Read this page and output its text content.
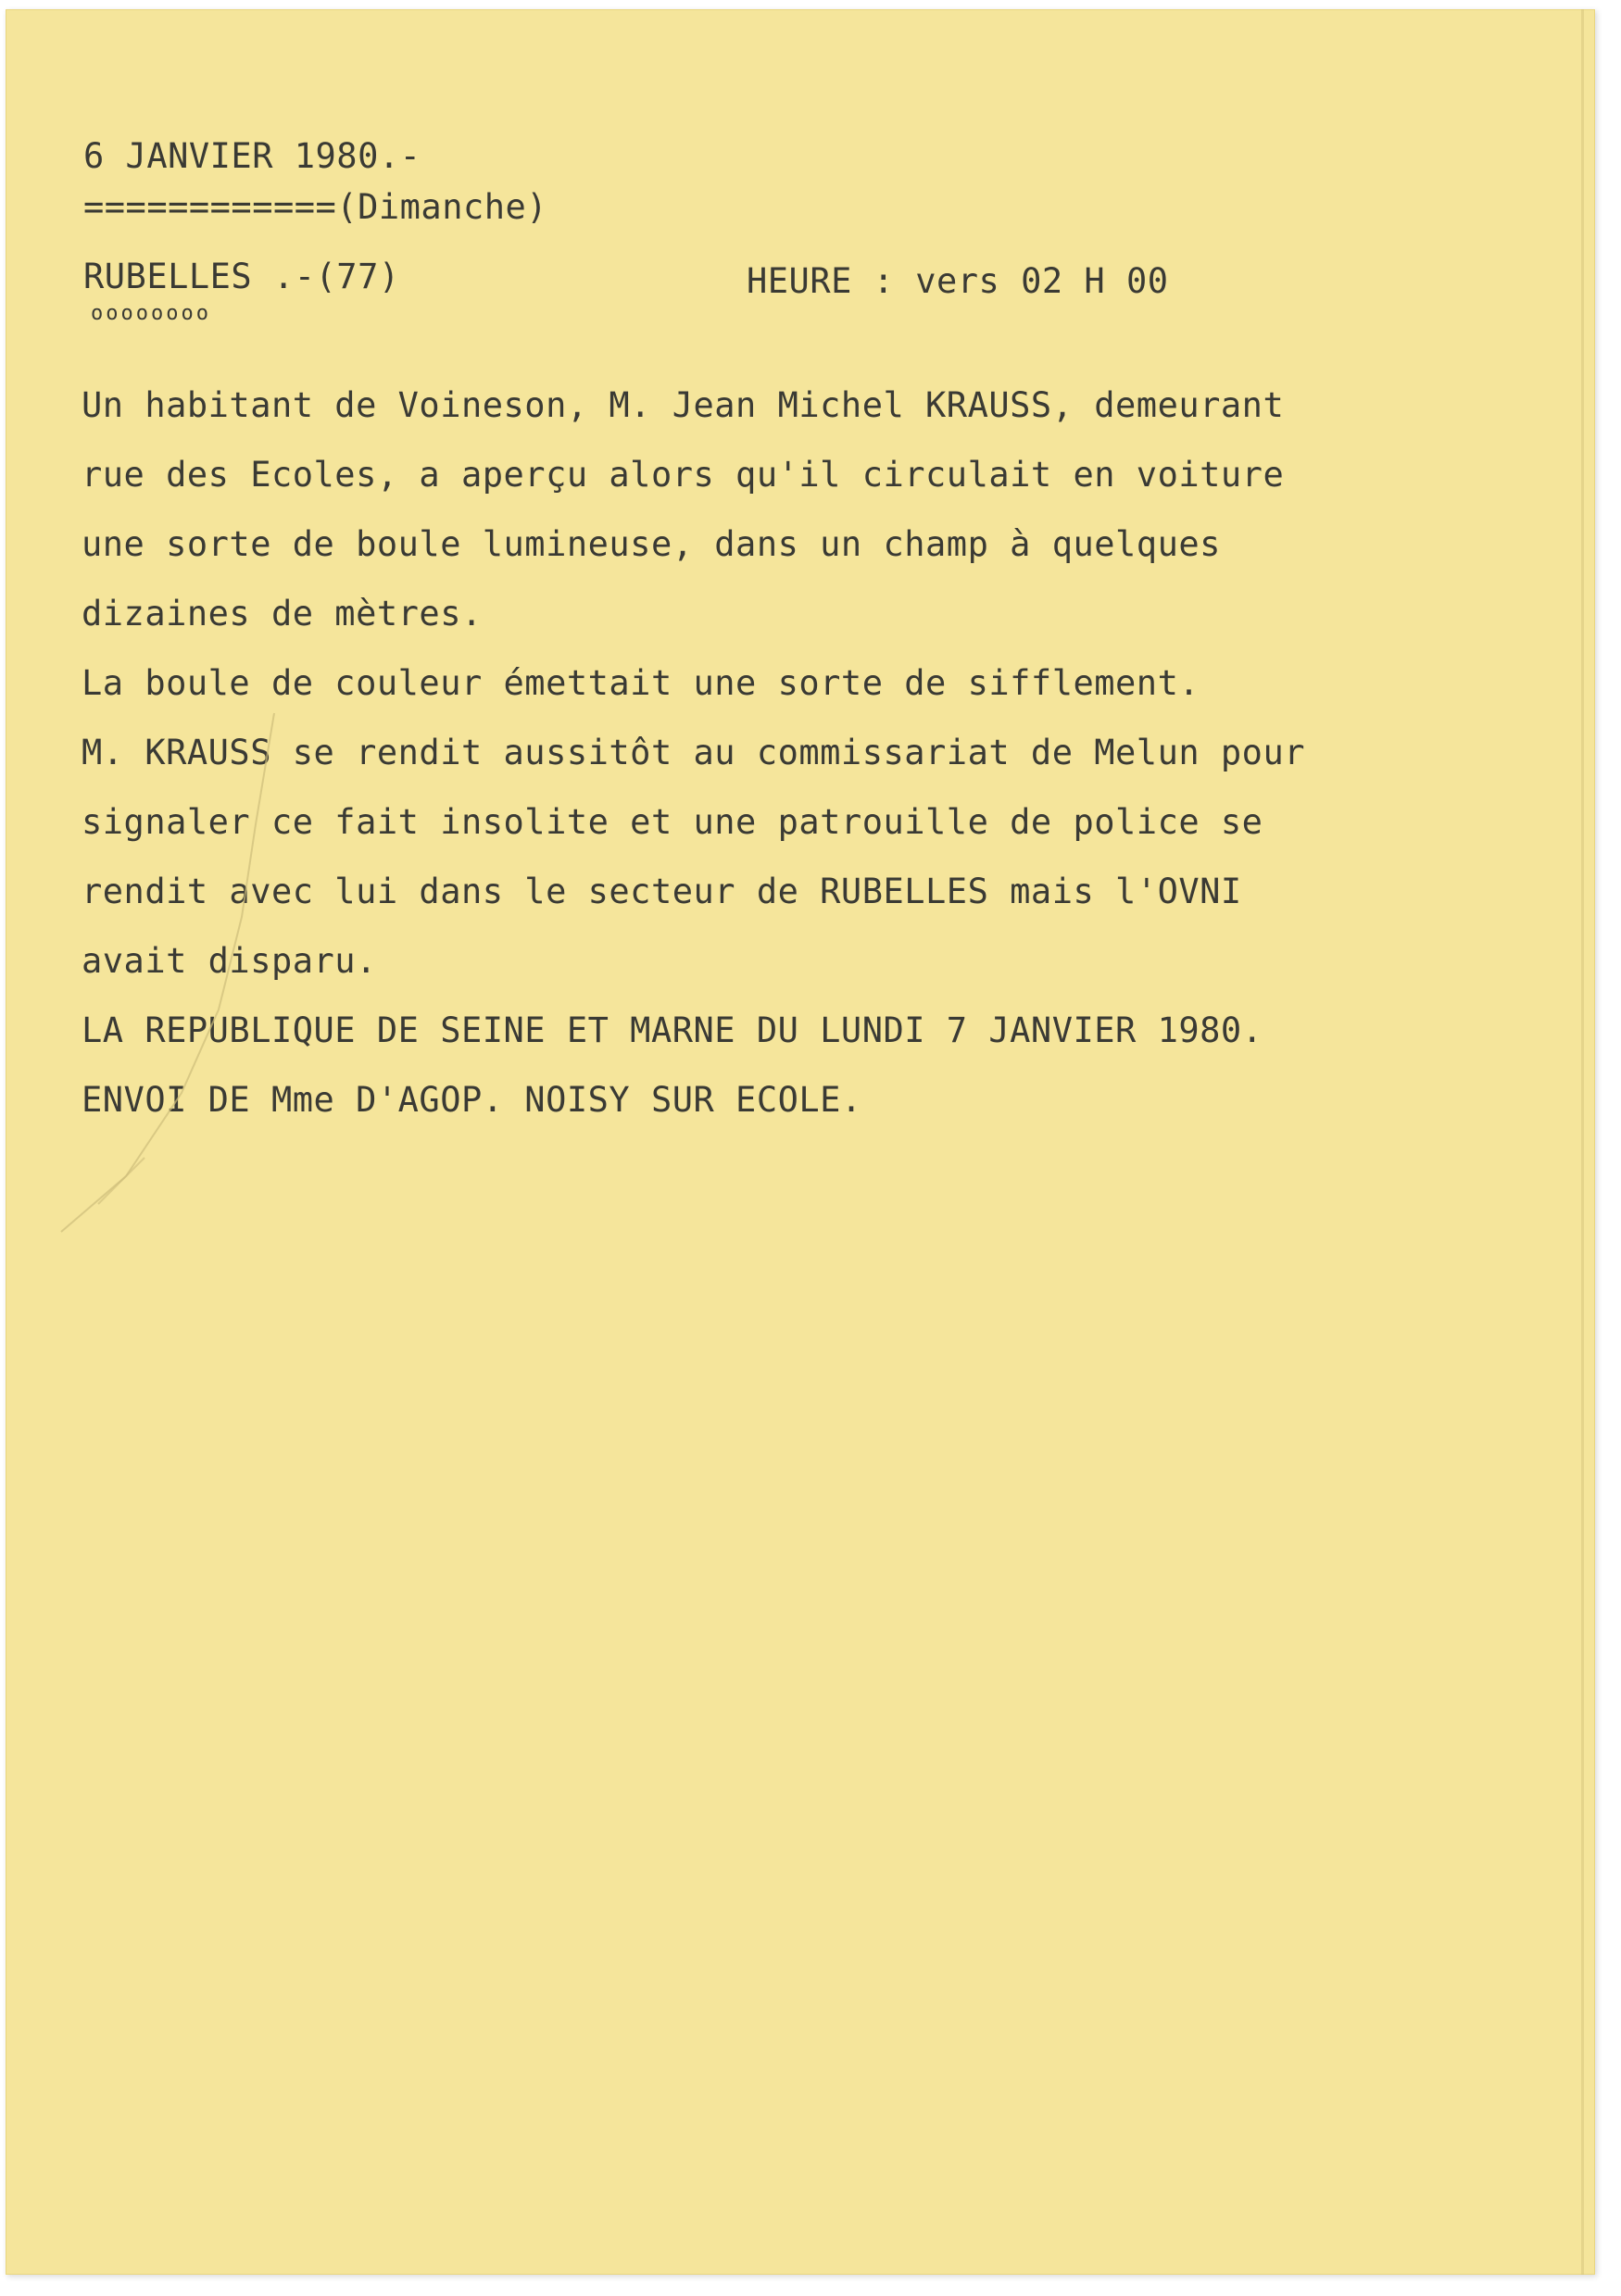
6 JANVIER 1980.-
============(Dimanche)
RUBELLES .-(77)
oooooooo
HEURE : vers 02 H 00
Un habitant de Voineson, M. Jean Michel KRAUSS, demeurant
rue des Ecoles, a aperçu alors qu'il circulait en voiture
une sorte de boule lumineuse, dans un champ à quelques
dizaines de mètres.
La boule de couleur émettait une sorte de sifflement.
M. KRAUSS se rendit aussitôt au commissariat de Melun pour
signaler ce fait insolite et une patrouille de police se
rendit avec lui dans le secteur de RUBELLES mais l'OVNI
avait disparu.
LA REPUBLIQUE DE SEINE ET MARNE DU LUNDI 7 JANVIER 1980.
ENVOI DE Mme D'AGOP. NOISY SUR ECOLE.
